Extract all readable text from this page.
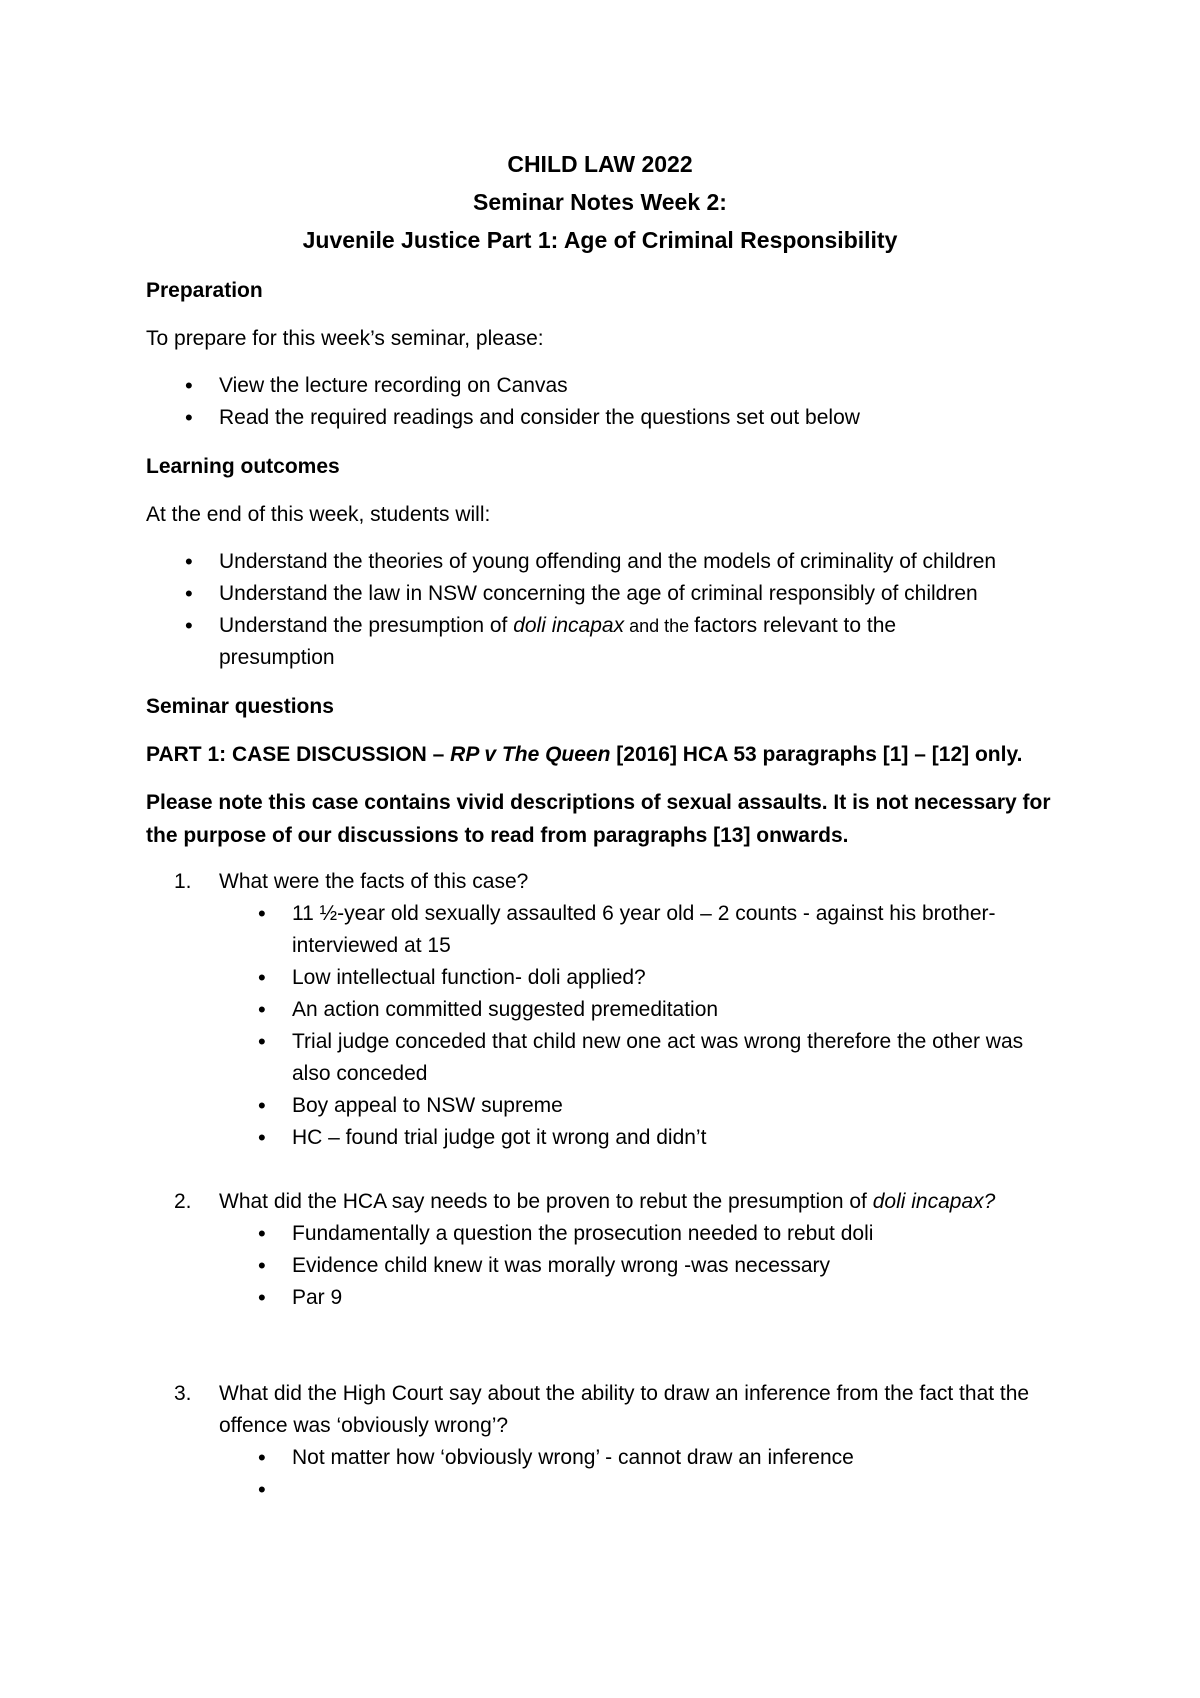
CHILD LAW 2022
Seminar Notes Week 2:
Juvenile Justice Part 1: Age of Criminal Responsibility
Preparation
To prepare for this week’s seminar, please:
• View the lecture recording on Canvas
• Read the required readings and consider the questions set out below
Learning outcomes
At the end of this week, students will:
• Understand the theories of young offending and the models of criminality of children
• Understand the law in NSW concerning the age of criminal responsibly of children
• Understand the presumption of doli incapax and the factors relevant to the presumption
Seminar questions
PART 1: CASE DISCUSSION – RP v The Queen [2016] HCA 53 paragraphs [1] – [12] only.
Please note this case contains vivid descriptions of sexual assaults. It is not necessary for the purpose of our discussions to read from paragraphs [13] onwards.
1. What were the facts of this case?
• 11 ½-year old sexually assaulted 6 year old – 2 counts - against his brother- interviewed at 15
• Low intellectual function- doli applied?
• An action committed suggested premeditation
• Trial judge conceded that child new one act was wrong therefore the other was also conceded
• Boy appeal to NSW supreme
• HC – found trial judge got it wrong and didn’t
2. What did the HCA say needs to be proven to rebut the presumption of doli incapax?
• Fundamentally a question the prosecution needed to rebut doli
• Evidence child knew it was morally wrong -was necessary
• Par 9
3. What did the High Court say about the ability to draw an inference from the fact that the offence was ‘obviously wrong’?
• Not matter how ‘obviously wrong’ - cannot draw an inference
